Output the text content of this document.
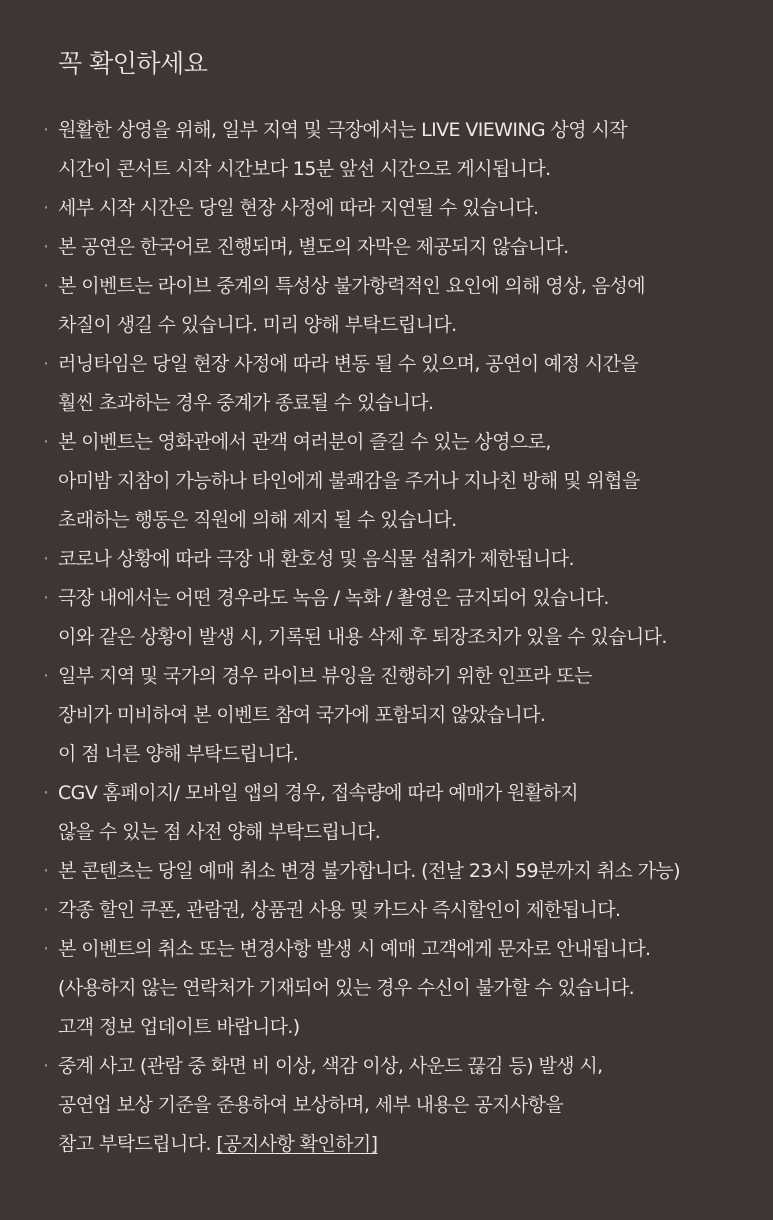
꼭 확인하세요
· 원활한 상영을 위해, 일부 지역 및 극장에서는 LIVE VIEWING 상영 시작
시간이 콘서트 시작 시간보다 15분 앞선 시간으로 게시됩니다.
· 세부 시작 시간은 당일 현장 사정에 따라 지연될 수 있습니다.
· 본 공연은 한국어로 진행되며, 별도의 자막은 제공되지 않습니다.
· 본 이벤트는 라이브 중계의 특성상 불가항력적인 요인에 의해 영상, 음성에
차질이 생길 수 있습니다. 미리 양해 부탁드립니다.
· 러닝타임은 당일 현장 사정에 따라 변동 될 수 있으며, 공연이 예정 시간을
훨씬 초과하는 경우 중계가 종료될 수 있습니다.
· 본 이벤트는 영화관에서 관객 여러분이 즐길 수 있는 상영으로,
아미밤 지참이 가능하나 타인에게 불쾌감을 주거나 지나친 방해 및 위협을
초래하는 행동은 직원에 의해 제지 될 수 있습니다.
· 코로나 상황에 따라 극장 내 환호성 및 음식물 섭취가 제한됩니다.
· 극장 내에서는 어떤 경우라도 녹음 / 녹화 / 촬영은 금지되어 있습니다.
이와 같은 상황이 발생 시, 기록된 내용 삭제 후 퇴장조치가 있을 수 있습니다.
· 일부 지역 및 국가의 경우 라이브 뷰잉을 진행하기 위한 인프라 또는
장비가 미비하여 본 이벤트 참여 국가에 포함되지 않았습니다.
이 점 너른 양해 부탁드립니다.
· CGV 홈페이지/ 모바일 앱의 경우, 접속량에 따라 예매가 원활하지
않을 수 있는 점 사전 양해 부탁드립니다.
· 본 콘텐츠는 당일 예매 취소 변경 불가합니다. (전날 23시 59분까지 취소 가능)
· 각종 할인 쿠폰, 관람권, 상품권 사용 및 카드사 즉시할인이 제한됩니다.
· 본 이벤트의 취소 또는 변경사항 발생 시 예매 고객에게 문자로 안내됩니다.
(사용하지 않는 연락처가 기재되어 있는 경우 수신이 불가할 수 있습니다.
고객 정보 업데이트 바랍니다.)
· 중계 사고 (관람 중 화면 비 이상, 색감 이상, 사운드 끊김 등) 발생 시,
공연업 보상 기준을 준용하여 보상하며, 세부 내용은 공지사항을
참고 부탁드립니다. [공지사항 확인하기]
